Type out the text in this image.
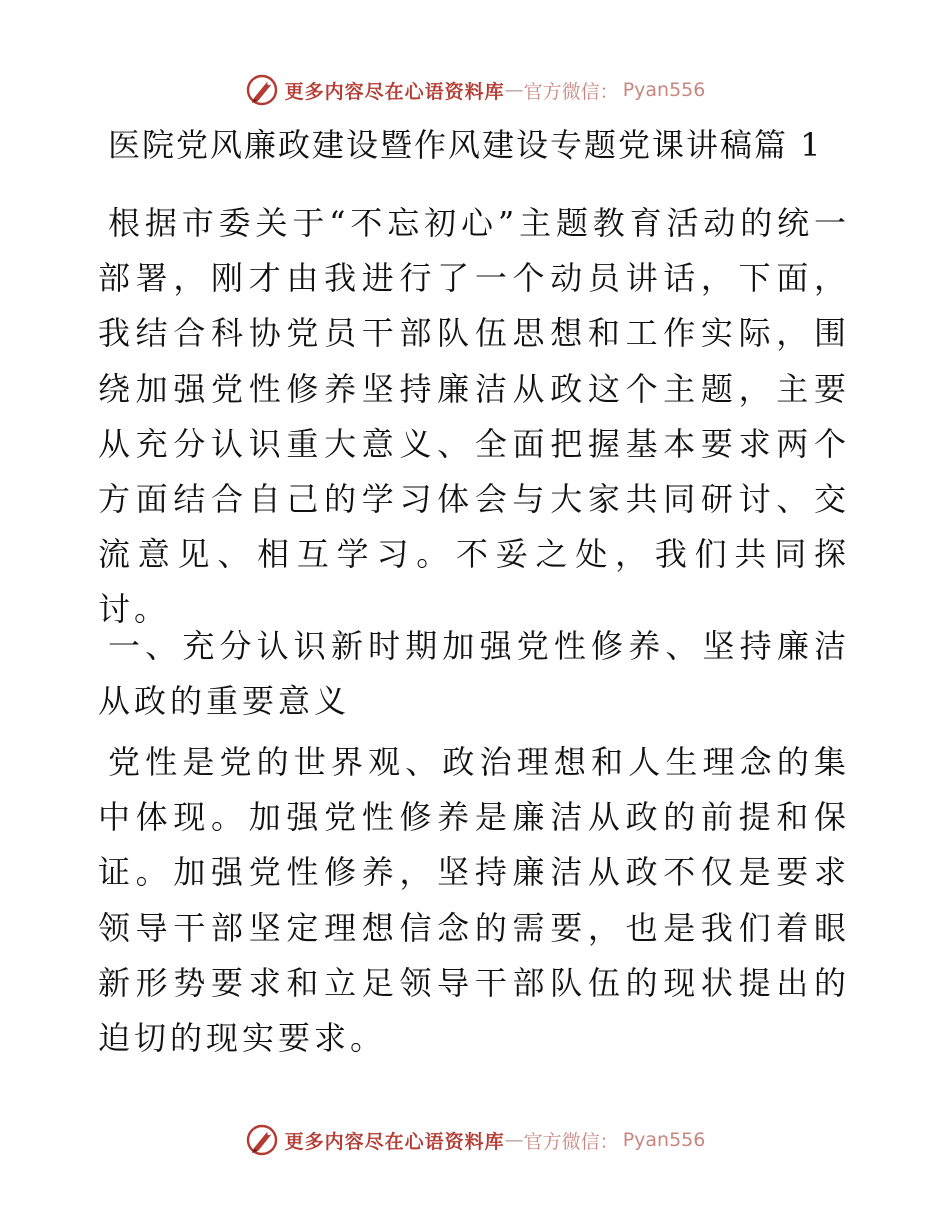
更多内容尽在心语资料库 — 官方微信： Pyan556
医院党风廉政建设暨作风建设专题党课讲稿篇 1

根据市委关于“不忘初心”主题教育活动的统一部署，刚才由我进行了一个动员讲话，下面，我结合科协党员干部队伍思想和工作实际，围绕加强党性修养坚持廉洁从政这个主题，主要从充分认识重大意义、全面把握基本要求两个方面结合自己的学习体会与大家共同研讨、交流意见、相互学习。不妥之处，我们共同探讨。

一、充分认识新时期加强党性修养、坚持廉洁从政的重要意义

党性是党的世界观、政治理想和人生理念的集中体现。加强党性修养是廉洁从政的前提和保证。加强党性修养，坚持廉洁从政不仅是要求领导干部坚定理想信念的需要，也是我们着眼新形势要求和立足领导干部队伍的现状提出的迫切的现实要求。

更多内容尽在心语资料库 — 官方微信： Pyan556
